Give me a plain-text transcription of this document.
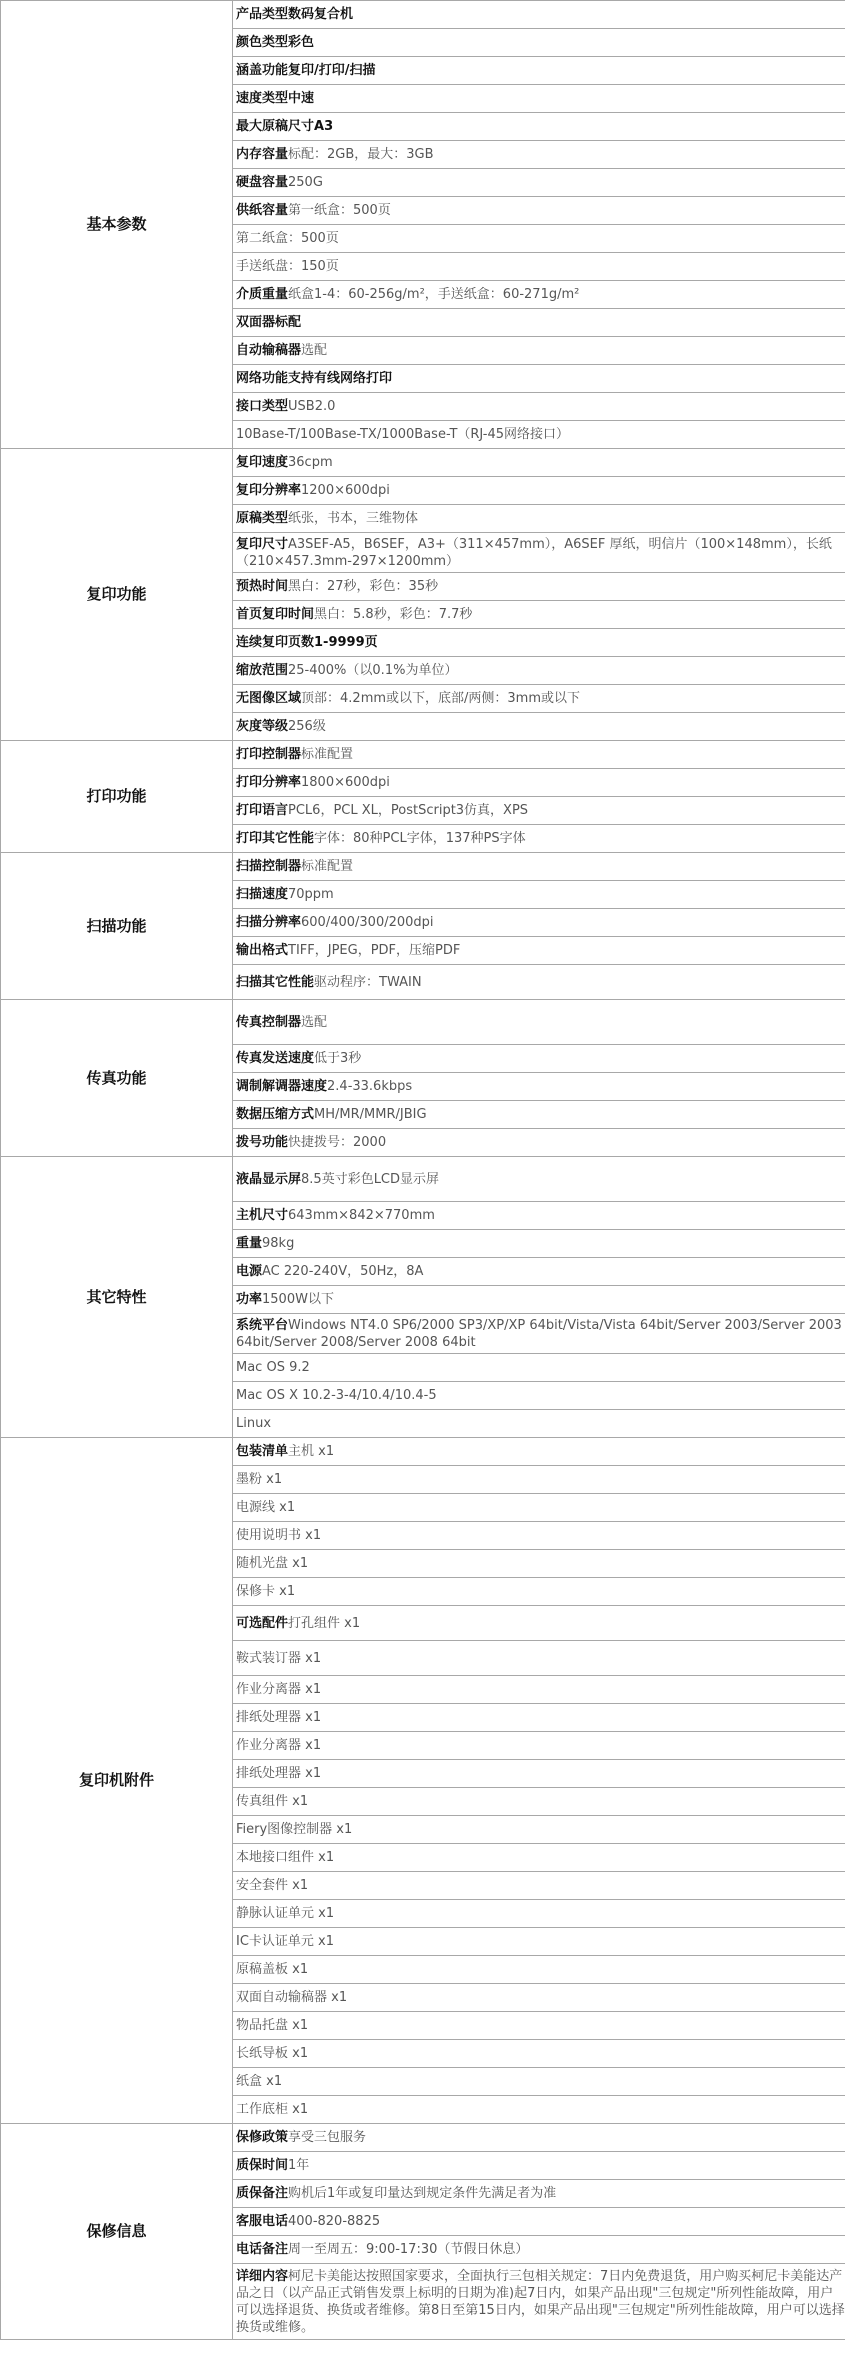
基本参数	产品类型数码复合机
	颜色类型彩色
	涵盖功能复印/打印/扫描
	速度类型中速
	最大原稿尺寸A3
	内存容量标配：2GB，最大：3GB
	硬盘容量250G
	供纸容量第一纸盒：500页
	第二纸盒：500页
	手送纸盘：150页
	介质重量纸盒1-4：60-256g/m²，手送纸盒：60-271g/m²
	双面器标配
	自动输稿器选配
	网络功能支持有线网络打印
	接口类型USB2.0
	10Base-T/100Base-TX/1000Base-T（RJ-45网络接口）
复印功能	复印速度36cpm
	复印分辨率1200×600dpi
	原稿类型纸张，书本，三维物体
	复印尺寸A3SEF-A5，B6SEF，A3+（311×457mm），A6SEF 厚纸，明信片（100×148mm），长纸（210×457.3mm-297×1200mm）
	预热时间黑白：27秒，彩色：35秒
	首页复印时间黑白：5.8秒，彩色：7.7秒
	连续复印页数1-9999页
	缩放范围25-400%（以0.1%为单位）
	无图像区域顶部：4.2mm或以下，底部/两侧：3mm或以下
	灰度等级256级
打印功能	打印控制器标准配置
	打印分辨率1800×600dpi
	打印语言PCL6，PCL XL，PostScript3仿真，XPS
	打印其它性能字体：80种PCL字体，137种PS字体
扫描功能	扫描控制器标准配置
	扫描速度70ppm
	扫描分辨率600/400/300/200dpi
	输出格式TIFF，JPEG，PDF，压缩PDF
	扫描其它性能驱动程序：TWAIN
传真功能	传真控制器选配
	传真发送速度低于3秒
	调制解调器速度2.4-33.6kbps
	数据压缩方式MH/MR/MMR/JBIG
	拨号功能快捷拨号：2000
其它特性	液晶显示屏8.5英寸彩色LCD显示屏
	主机尺寸643mm×842×770mm
	重量98kg
	电源AC 220-240V，50Hz，8A
	功率1500W以下
	系统平台Windows NT4.0 SP6/2000 SP3/XP/XP 64bit/Vista/Vista 64bit/Server 2003/Server 2003 64bit/Server 2008/Server 2008 64bit
	Mac OS 9.2
	Mac OS X 10.2-3-4/10.4/10.4-5
	Linux
复印机附件	包装清单主机 x1
	墨粉 x1
	电源线 x1
	使用说明书 x1
	随机光盘 x1
	保修卡 x1
	可选配件打孔组件 x1
	鞍式装订器 x1
	作业分离器 x1
	排纸处理器 x1
	作业分离器 x1
	排纸处理器 x1
	传真组件 x1
	Fiery图像控制器 x1
	本地接口组件 x1
	安全套件 x1
	静脉认证单元 x1
	IC卡认证单元 x1
	原稿盖板 x1
	双面自动输稿器 x1
	物品托盘 x1
	长纸导板 x1
	纸盒 x1
	工作底柜 x1
保修信息	保修政策享受三包服务
	质保时间1年
	质保备注购机后1年或复印量达到规定条件先满足者为准
	客服电话400-820-8825
	电话备注周一至周五：9:00-17:30（节假日休息）
	详细内容柯尼卡美能达按照国家要求，全面执行三包相关规定：7日内免费退货，用户购买柯尼卡美能达产品之日（以产品正式销售发票上标明的日期为准)起7日内，如果产品出现"三包规定"所列性能故障，用户可以选择退货、换货或者维修。第8日至第15日内，如果产品出现"三包规定"所列性能故障，用户可以选择换货或维修。
